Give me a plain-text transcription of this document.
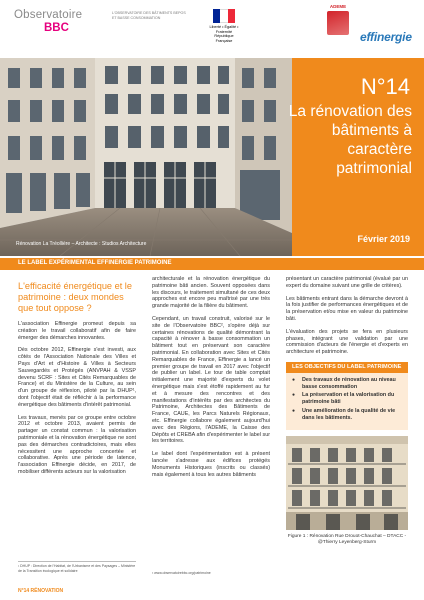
Observatoire
BBC
L'OBSERVATOIRE DES BÂTIMENTS BEPOS ET BASSE CONSOMMATION
Liberté • Égalité • Fraternité République Française
ADEME
effinergie
Rénovation La Tréollière – Architecte : Studios Architecture
N°14
La rénovation des bâtiments à caractère patrimonial
Février 2019
LE LABEL EXPÉRIMENTAL EFFINERGIE PATRIMOINE
L'efficacité énergétique et le patrimoine : deux mondes que tout oppose ?

L'association Effinergie promeut depuis sa création le travail collaboratif afin de faire émerger des démarches innovantes.

Dès octobre 2012, Effinergie s'est investi, aux côtés de l'Association Nationale des Villes et Pays d'Art et d'Histoire & Villes à Secteurs Sauvegardés et Protégés (ANVPAH & VSSP devenu SCRF : Sites et Cités Remarquables de France) et du Ministère de la Culture, au sein d'un groupe de réflexion, piloté par la DHUP¹, dont l'objectif était de réfléchir à la performance énergétique des bâtiments d'intérêt patrimonial.

Les travaux, menés par ce groupe entre octobre 2012 et octobre 2013, avaient permis de partager un constat commun : la valorisation patrimoniale et la rénovation énergétique ne sont pas des démarches contradictoires, mais elles nécessitent une approche concertée et collaborative. Après une période de latence, l'association Effinergie décide, en 2017, de mobiliser différents acteurs sur la valorisation

architecturale et la rénovation énergétique du patrimoine bâti ancien. Souvent opposées dans les discours, le traitement simultané de ces deux approches est encore peu maîtrisé par une très grande majorité de la filière du bâtiment.

Cependant, un travail construit, valorisé sur le site de l'Observatoire BBC², s'opère déjà sur certaines rénovations de qualité démontrant la capacité à rénover à basse consommation un bâtiment tout en préservant son caractère patrimonial. En collaboration avec Sites et Cités Remarquables de France, Effinergie a lancé un premier groupe de travail en 2017 avec l'objectif de publier un label. Le tour de table comptait initialement une majorité d'experts du volet énergétique mais s'est étoffé rapidement au fur et à mesure des rencontres et des manifestations d'intérêts par des architectes du Patrimoine, Architectes des Bâtiments de France, CAUE, les Parcs Naturels Régionaux, etc. Effinergie collabore également aujourd'hui avec des Régions, l'ADEME, la Caisse des Dépôts et CREBA afin d'expérimenter le label sur les territoires.

Le label dont l'expérimentation est à présent lancée s'adresse aux édifices protégés Monuments Historiques (inscrits ou classés) mais également à tous les autres bâtiments

présentant un caractère patrimonial (évalué par un expert du domaine suivant une grille de critères).

Les bâtiments entrant dans la démarche devront à la fois justifier de performances énergétiques et de la préservation et/ou mise en valeur du patrimoine bâti.

L'évaluation des projets se fera en plusieurs phases, intégrant une validation par une commission d'acteurs de l'énergie et d'experts en architecture et patrimoine.

LES OBJECTIFS DU LABEL PATRIMOINE
● Des travaux de rénovation au niveau basse consommation
● La préservation et la valorisation du patrimoine bâti
● Une amélioration de la qualité de vie dans les bâtiments.
Figure 1 : Rénovation Rue Drouot-Chauchat – DTACC - @Thierry Leyenberg-Sturm
¹ DHUP : Direction de l'Habitat, de l'Urbanisme et des Paysages – Ministère de la Transition écologique et solidaire
² www.observatoirebbc.org/patrimoine
N°14 RÉNOVATION
